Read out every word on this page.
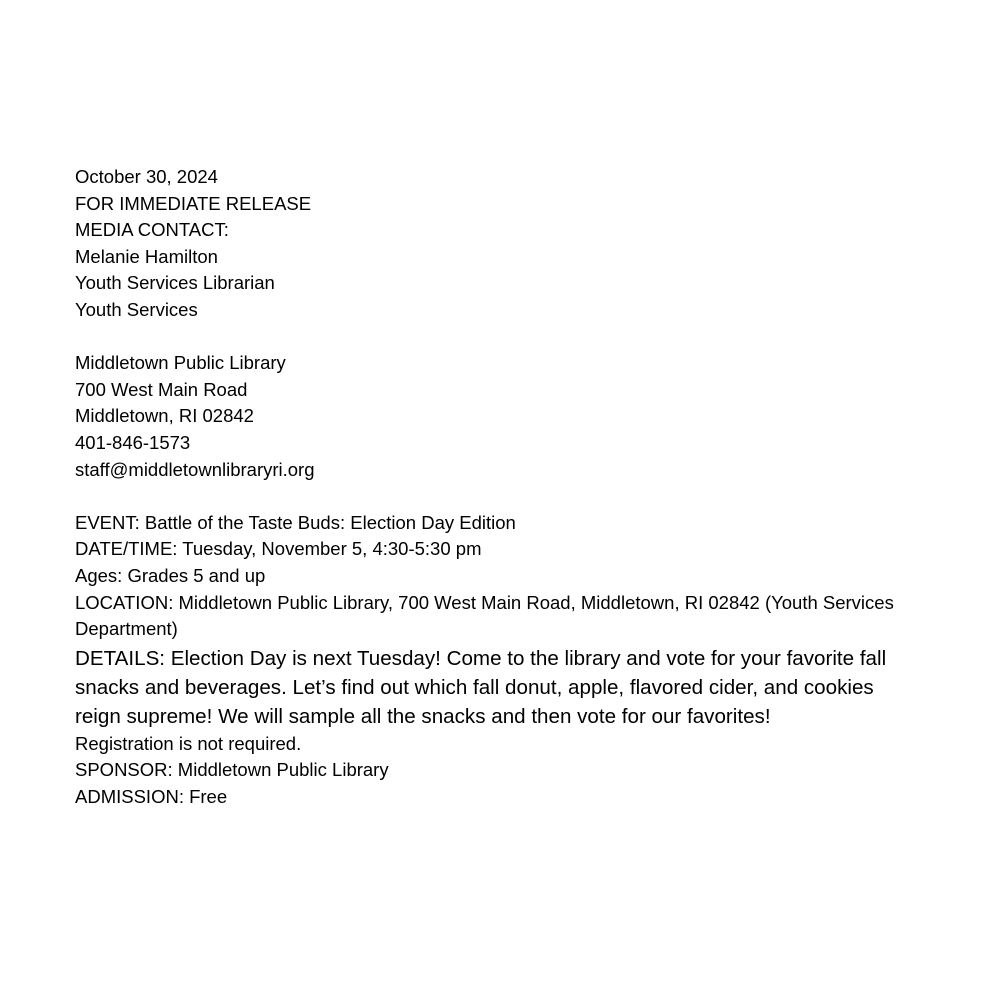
October 30, 2024
FOR IMMEDIATE RELEASE
MEDIA CONTACT:
Melanie Hamilton
Youth Services Librarian
Youth Services
Middletown Public Library
700 West Main Road
Middletown, RI 02842
401-846-1573
staff@middletownlibraryri.org
EVENT: Battle of the Taste Buds: Election Day Edition
DATE/TIME: Tuesday, November 5, 4:30-5:30 pm
Ages: Grades 5 and up
LOCATION: Middletown Public Library, 700 West Main Road, Middletown, RI 02842 (Youth Services Department)
DETAILS: Election Day is next Tuesday! Come to the library and vote for your favorite fall snacks and beverages. Let’s find out which fall donut, apple, flavored cider, and cookies reign supreme! We will sample all the snacks and then vote for our favorites!
Registration is not required.
SPONSOR: Middletown Public Library
ADMISSION: Free
